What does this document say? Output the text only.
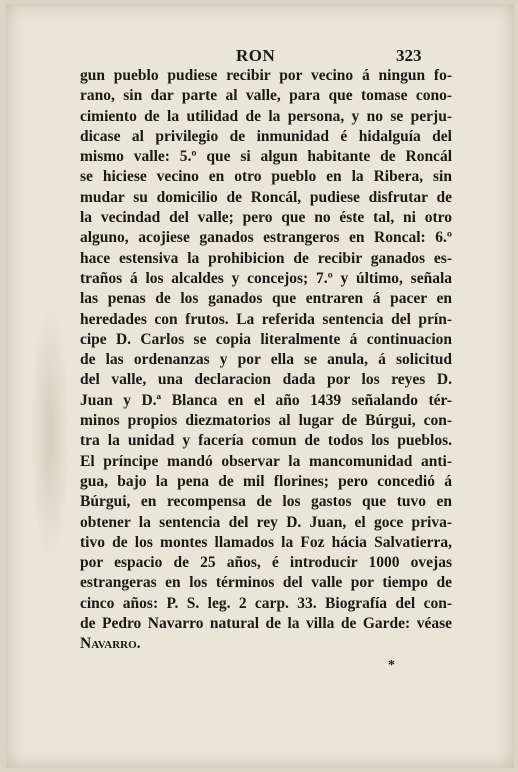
RON	323
gun pueblo pudiese recibir por vecino á ningun fo-
rano, sin dar parte al valle, para que tomase cono-
cimiento de la utilidad de la persona, y no se perju-
dicase al privilegio de inmunidad é hidalguía del
mismo valle: 5.º que si algun habitante de Roncál
se hiciese vecino en otro pueblo en la Ribera, sin
mudar su domicilio de Roncál, pudiese disfrutar de
la vecindad del valle; pero que no éste tal, ni otro
alguno, acojiese ganados estrangeros en Roncal: 6.º
hace estensiva la prohibicion de recibir ganados es-
traños á los alcaldes y concejos; 7.º y último, señala
las penas de los ganados que entraren á pacer en
heredades con frutos. La referida sentencia del prín-
cipe D. Carlos se copia literalmente á continuacion
de las ordenanzas y por ella se anula, á solicitud
del valle, una declaracion dada por los reyes D.
Juan y D.ª Blanca en el año 1439 señalando tér-
minos propios diezmatorios al lugar de Búrgui, con-
tra la unidad y facería comun de todos los pueblos.
El príncipe mandó observar la mancomunidad anti-
gua, bajo la pena de mil florines; pero concedió á
Búrgui, en recompensa de los gastos que tuvo en
obtener la sentencia del rey D. Juan, el goce priva-
tivo de los montes llamados la Foz hácia Salvatierra,
por espacio de 25 años, é introducir 1000 ovejas
estrangeras en los términos del valle por tiempo de
cinco años: P. S. leg. 2 carp. 33. Biografía del con-
de Pedro Navarro natural de la villa de Garde: véase
Navarro.
*
